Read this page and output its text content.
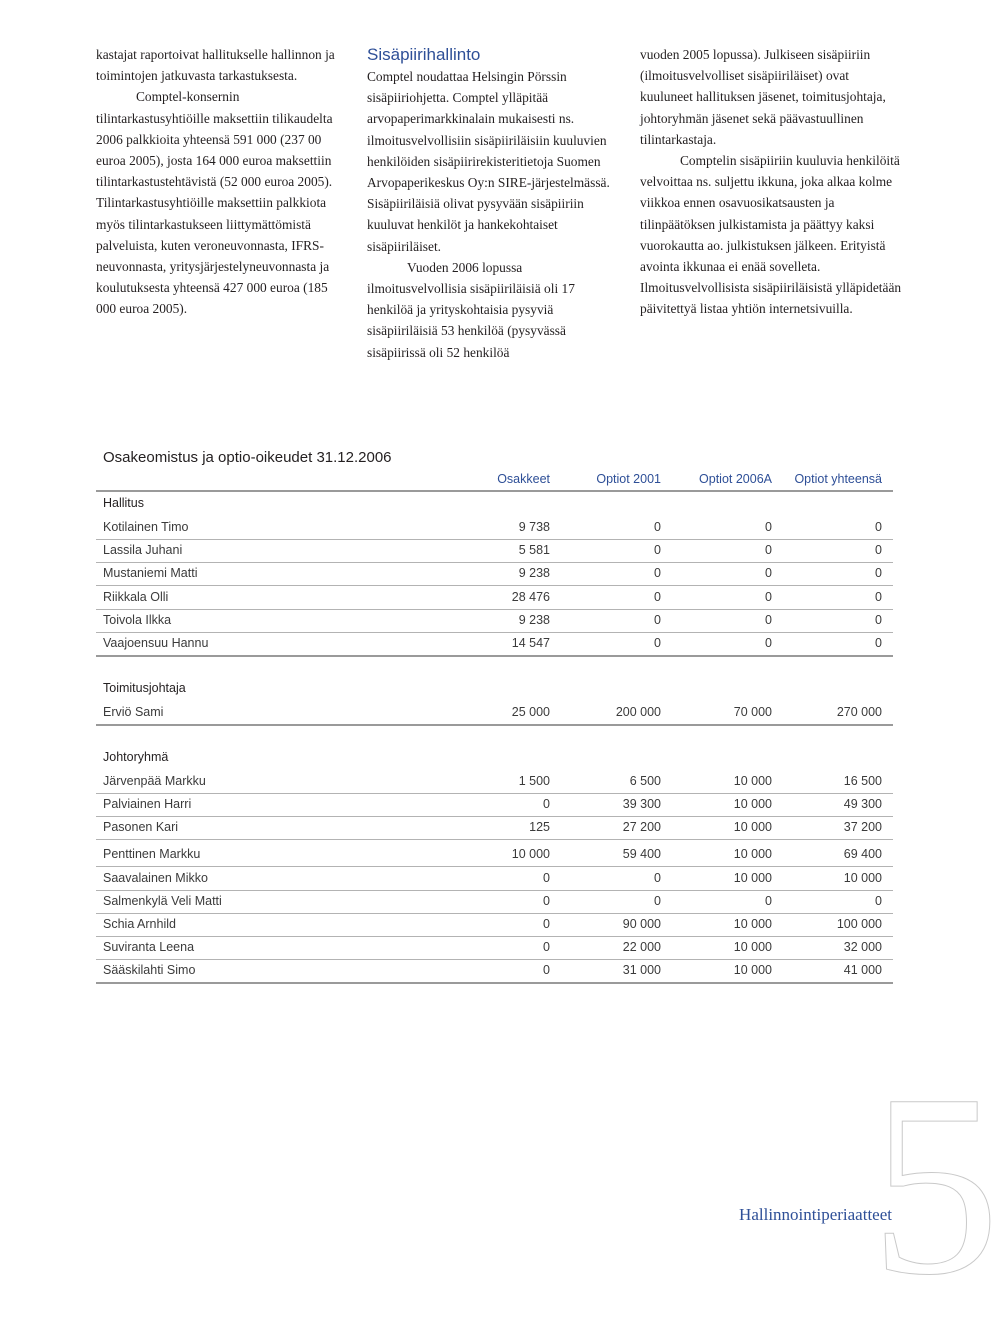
kastajat raportoivat hallitukselle hallinnon ja toimintojen jatkuvasta tarkastuksesta.

Comptel-konsernin tilintarkastusyhtiöille maksettiin tilikaudelta 2006 palkkioita yhteensä 591 000 (237 00 euroa 2005), josta 164 000 euroa maksettiin tilintarkastustehtävistä (52 000 euroa 2005). Tilintarkastusyhtiöille maksettiin palkkiota myös tilintarkastukseen liittymättömistä palveluista, kuten veroneuvonnasta, IFRS-neuvonnasta, yritysjärjestelyneuvonnasta ja koulutuksesta yhteensä 427 000 euroa (185 000 euroa 2005).

Sisäpiirihallinto

Comptel noudattaa Helsingin Pörssin sisäpiiriohjetta. Comptel ylläpitää arvopaperimarkkinalain mukaisesti ns. ilmoitusvelvollisiin sisäpiiriläisiin kuuluvien henkilöiden sisäpiirirekisteritietoja Suomen Arvopaperikeskus Oy:n SIRE-järjestelmässä. Sisäpiiriläisiä olivat pysyvään sisäpiiriin kuuluvat henkilöt ja hankekohtaiset sisäpiiriläiset.

Vuoden 2006 lopussa ilmoitusvelvollisia sisäpiiriläisiä oli 17 henkilöä ja yrityskohtaisia pysyviä sisäpiiriläisiä 53 henkilöä (pysyvässä sisäpiirissä oli 52 henkilöä

vuoden 2005 lopussa). Julkiseen sisäpiiriin (ilmoitusvelvolliset sisäpiiriläiset) ovat kuuluneet hallituksen jäsenet, toimitusjohtaja, johtoryhmän jäsenet sekä päävastuullinen tilintarkastaja.

Comptelin sisäpiiriin kuuluvia henkilöitä velvoittaa ns. suljettu ikkuna, joka alkaa kolme viikkoa ennen osavuosikatsausten ja tilinpäätöksen julkistamista ja päättyy kaksi vuorokautta ao. julkistuksen jälkeen. Erityistä avointa ikkunaa ei enää sovelleta. Ilmoitusvelvollisista sisäpiiriläisistä ylläpidetään päivitettyä listaa yhtiön internetsivuilla.

Osakeomistus ja optio-oikeudet 31.12.2006
Osakkeet	Optiot 2001	Optiot 2006A Optiot yhteensä
Hallitus
Kotilainen Timo	9 738	0	0	0
Lassila Juhani	5 581	0	0	0
Mustaniemi Matti	9 238	0	0	0
Riikkala Olli	28 476	0	0	0
Toivola Ilkka	9 238	0	0	0
Vaajoensuu Hannu	14 547	0	0	0
Toimitusjohtaja
Erviö Sami	25 000	200 000	70 000	270 000
Johtoryhmä
Järvenpää Markku	1 500	6 500	10 000	16 500
Palviainen Harri	0	39 300	10 000	49 300
Pasonen Kari	125	27 200	10 000	37 200
Penttinen Markku	10 000	59 400	10 000	69 400
Saavalainen Mikko	0	0	10 000	10 000
Salmenkylä Veli Matti	0	0	0	0
Schia Arnhild	0	90 000	10 000	100 000
Suviranta Leena	0	22 000	10 000	32 000
Sääskilahti Simo	0	31 000	10 000	41 000
5
Hallinnointiperiaatteet
